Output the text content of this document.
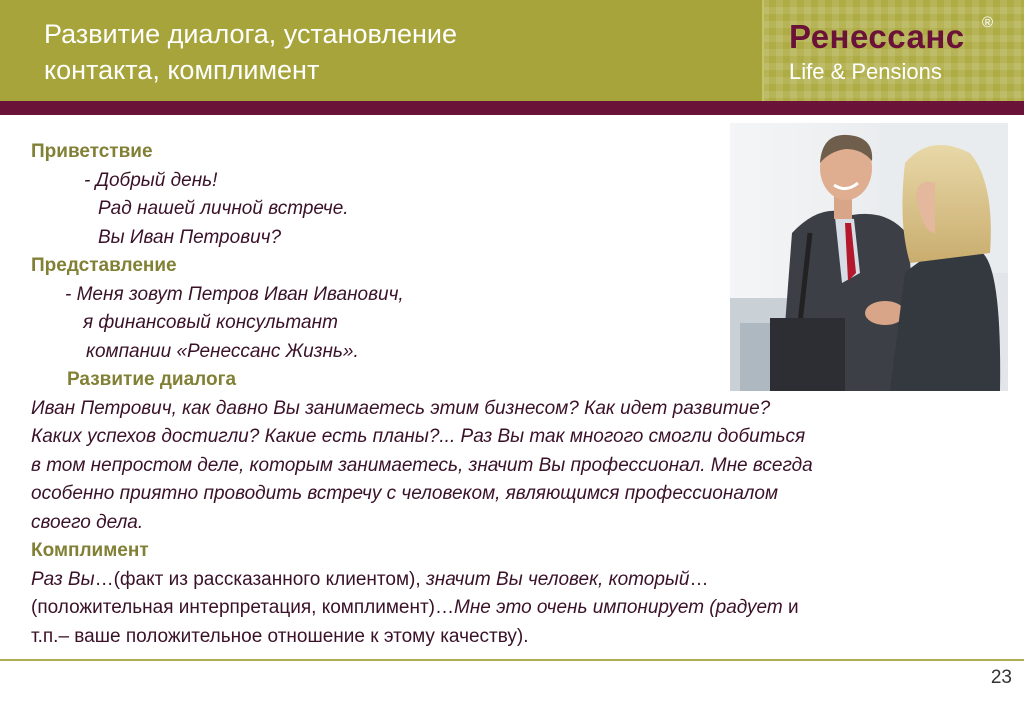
Развитие диалога, установление
контакта, комплимент
Ренессанс	®
Life & Pensions
Приветствие
- Добрый день!
Рад нашей личной встрече.
Вы Иван Петрович?
Представление
- Меня зовут Петров Иван Иванович,
я финансовый консультант
компании «Ренессанс Жизнь».
Развитие диалога
Иван Петрович, как давно Вы занимаетесь этим бизнесом? Как идет развитие?
Каких успехов достигли? Какие есть планы?... Раз Вы так многого смогли добиться
в том непростом деле, которым занимаетесь, значит Вы профессионал. Мне всегда
особенно приятно проводить встречу с человеком, являющимся профессионалом
своего дела.
Комплимент
Раз Вы…(факт из рассказанного клиентом), значит Вы человек, который…
(положительная интерпретация, комплимент)…Мне это очень импонирует (радует и
т.п.– ваше положительное отношение к этому качеству).
23
